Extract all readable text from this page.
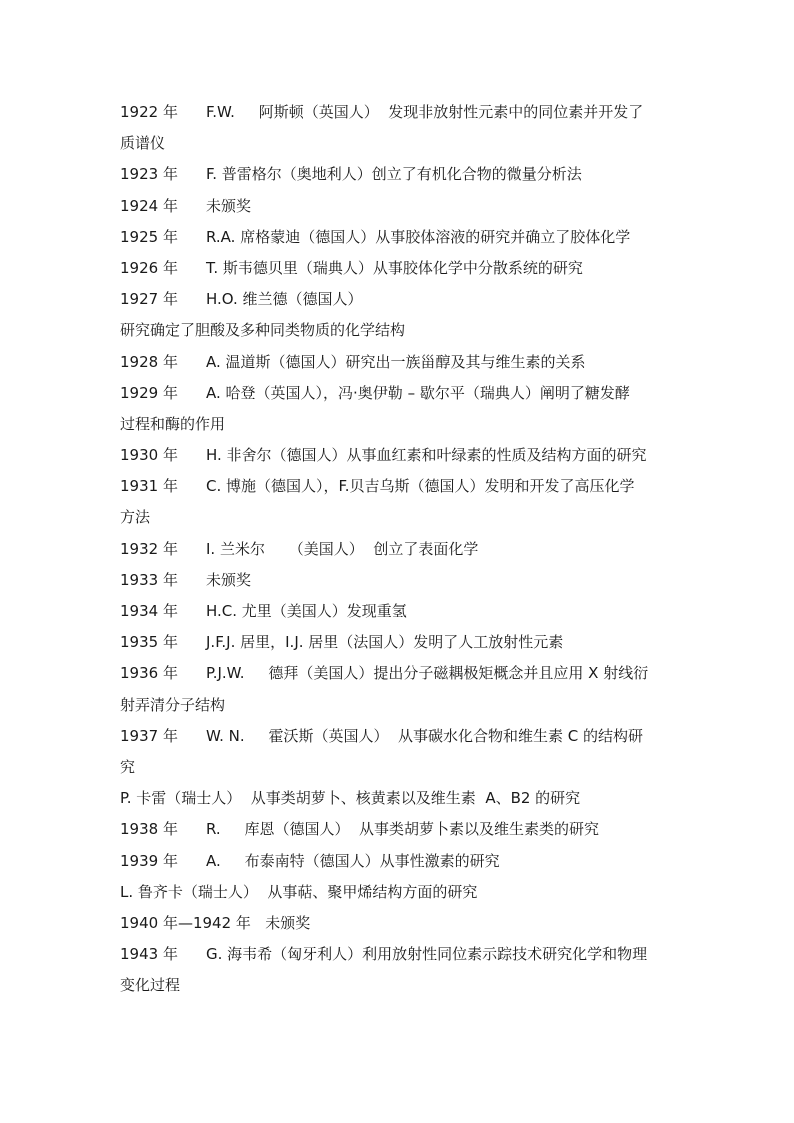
1922 年 F.W.     阿斯顿（英国人）  发现非放射性元素中的同位素并开发了
质谱仪
1923 年 F. 普雷格尔（奥地利人）创立了有机化合物的微量分析法
1924 年 未颁奖
1925 年 R.A. 席格蒙迪（德国人）从事胶体溶液的研究并确立了胶体化学
1926 年 T. 斯韦德贝里（瑞典人）从事胶体化学中分散系统的研究
1927 年 H.O. 维兰德（德国人）
研究确定了胆酸及多种同类物质的化学结构
1928 年 A. 温道斯（德国人）研究出一族甾醇及其与维生素的关系
1929 年 A. 哈登（英国人），冯·奥伊勒 – 歇尔平（瑞典人）阐明了糖发酵
过程和酶的作用
1930 年 H. 非舍尔（德国人）从事血红素和叶绿素的性质及结构方面的研究
1931 年 C. 博施（德国人），F.贝吉乌斯（德国人）发明和开发了高压化学
方法
1932 年 I. 兰米尔     （美国人）  创立了表面化学
1933 年 未颁奖
1934 年 H.C. 尤里（美国人）发现重氢
1935 年 J.F.J. 居里，I.J. 居里（法国人）发明了人工放射性元素
1936 年 P.J.W.     德拜（美国人）提出分子磁耦极矩概念并且应用 X 射线衍
射弄清分子结构
1937 年 W. N.     霍沃斯（英国人）  从事碳水化合物和维生素 C 的结构研
究
P. 卡雷（瑞士人）  从事类胡萝卜、核黄素以及维生素  A、B2 的研究
1938 年 R.     库恩（德国人）  从事类胡萝卜素以及维生素类的研究
1939 年 A.     布泰南特（德国人）从事性激素的研究
L. 鲁齐卡（瑞士人）  从事萜、聚甲烯结构方面的研究
1940 年—1942 年   未颁奖
1943 年 G. 海韦希（匈牙利人）利用放射性同位素示踪技术研究化学和物理
变化过程
